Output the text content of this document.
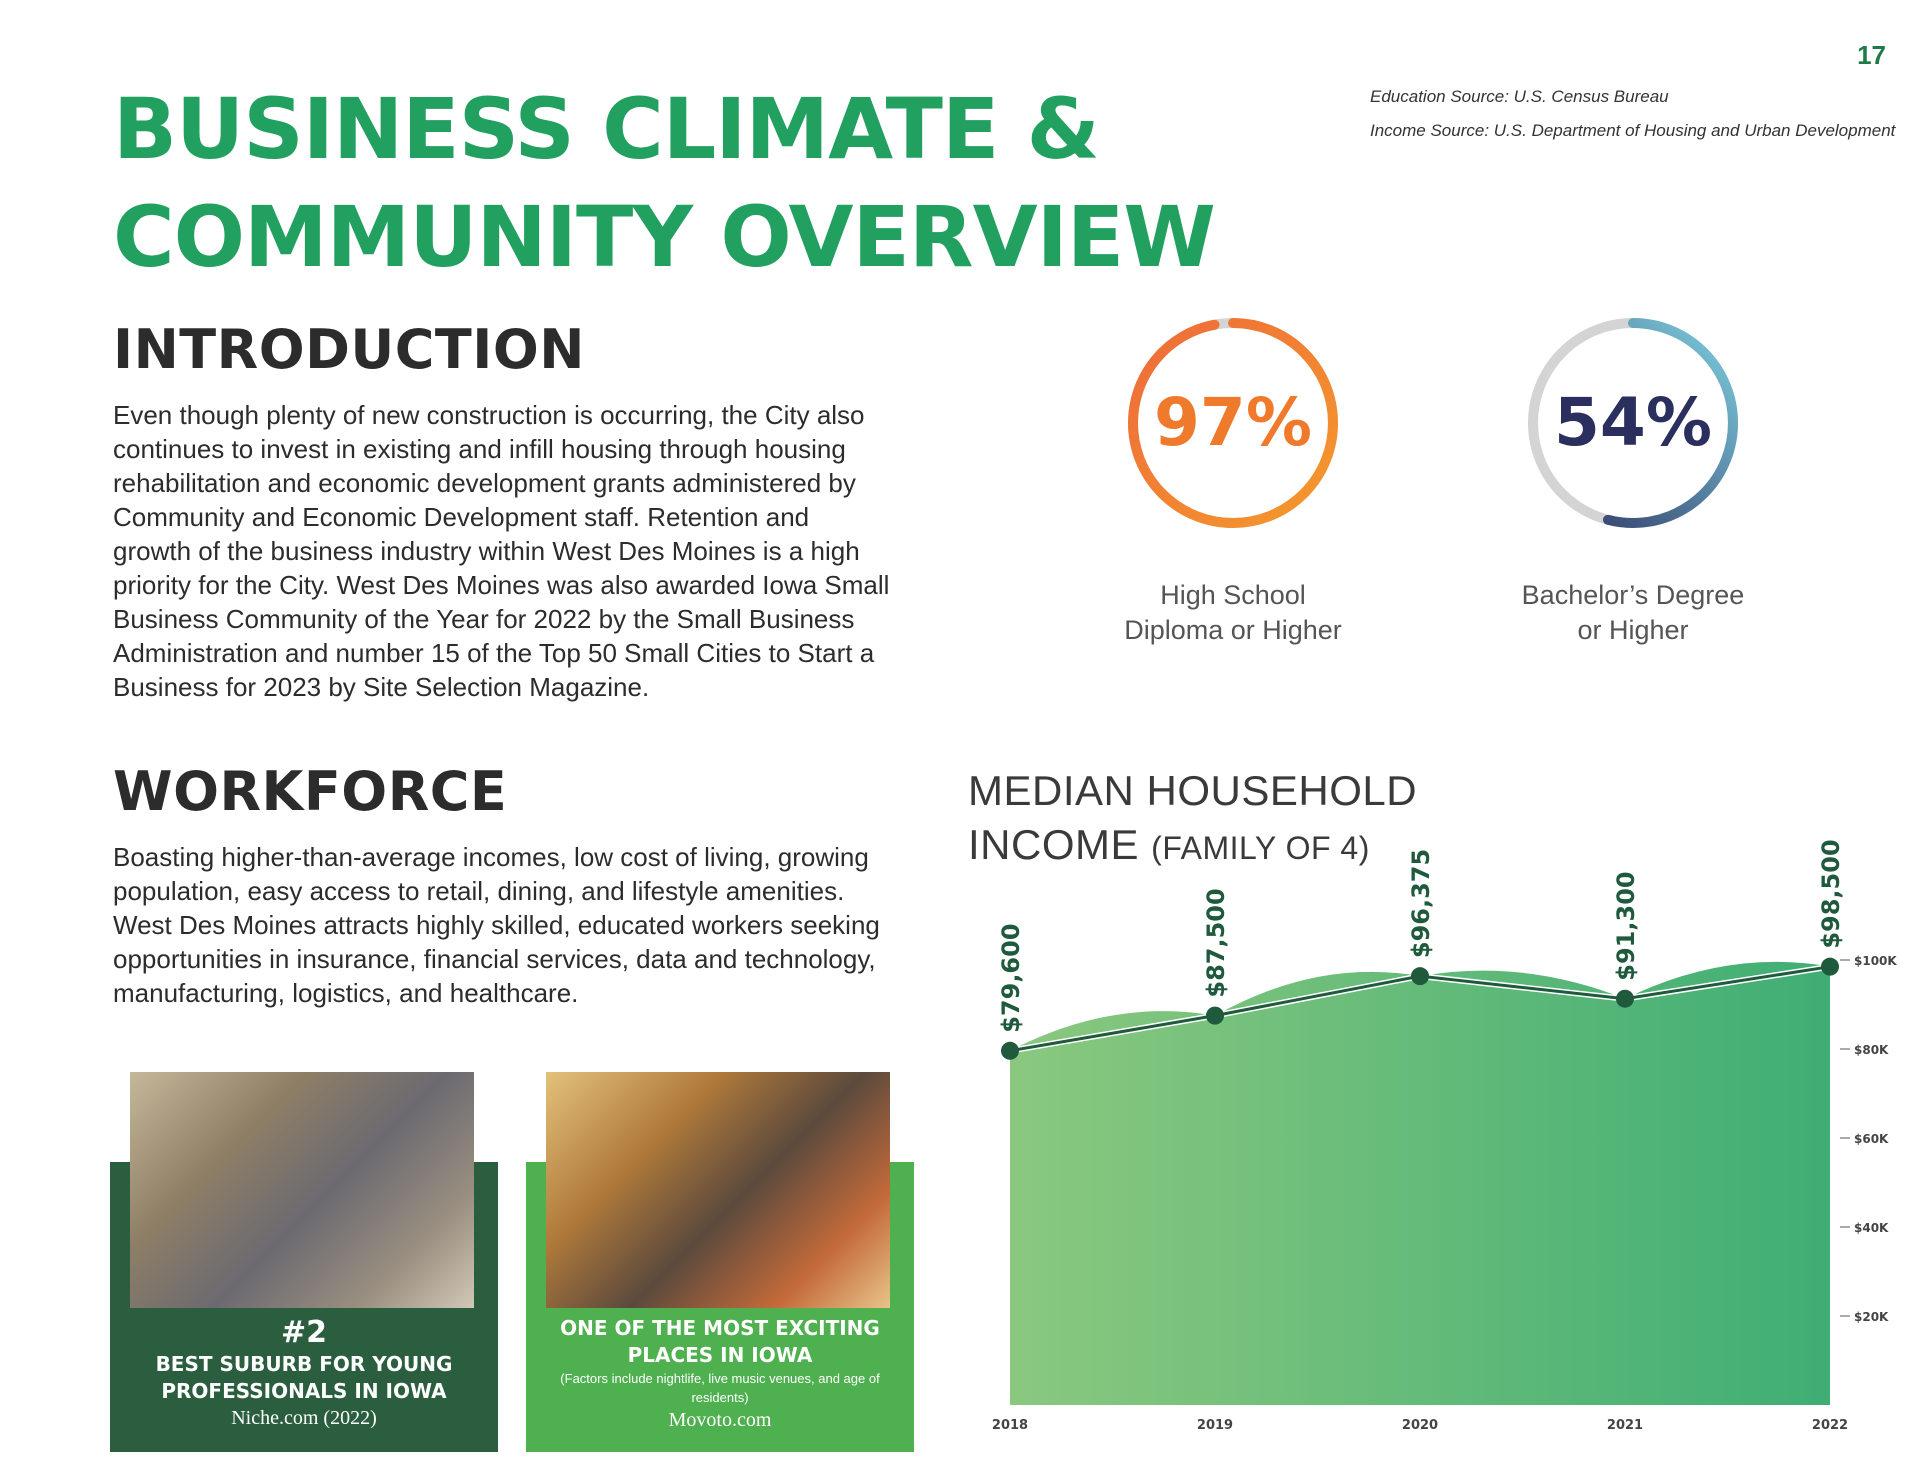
17
Education Source: U.S. Census Bureau
Income Source: U.S. Department of Housing and Urban Development
BUSINESS CLIMATE &
COMMUNITY OVERVIEW
INTRODUCTION
Even though plenty of new construction is occurring, the City also
continues to invest in existing and infill housing through housing
rehabilitation and economic development grants administered by
Community and Economic Development staff. Retention and
growth of the business industry within West Des Moines is a high
priority for the City. West Des Moines was also awarded Iowa Small
Business Community of the Year for 2022 by the Small Business
Administration and number 15 of the Top 50 Small Cities to Start a
Business for 2023 by Site Selection Magazine.
WORKFORCE
Boasting higher-than-average incomes, low cost of living, growing
population, easy access to retail, dining, and lifestyle amenities.
West Des Moines attracts highly skilled, educated workers seeking
opportunities in insurance, financial services, data and technology,
manufacturing, logistics, and healthcare.
97%
High School
Diploma or Higher
54%
Bachelor’s Degree
or Higher
MEDIAN HOUSEHOLD
INCOME (FAMILY OF 4)
$79,600	$87,500	$96,375	$91,300	$98,500
$20K
$40K
$60K
$80K
$100K
2018	2019	2020	2021	2022
#2
BEST SUBURB FOR YOUNG
PROFESSIONALS IN IOWA
Niche.com (2022)
ONE OF THE MOST EXCITING
PLACES IN IOWA
(Factors include nightlife, live music venues, and age of residents)
Movoto.com
